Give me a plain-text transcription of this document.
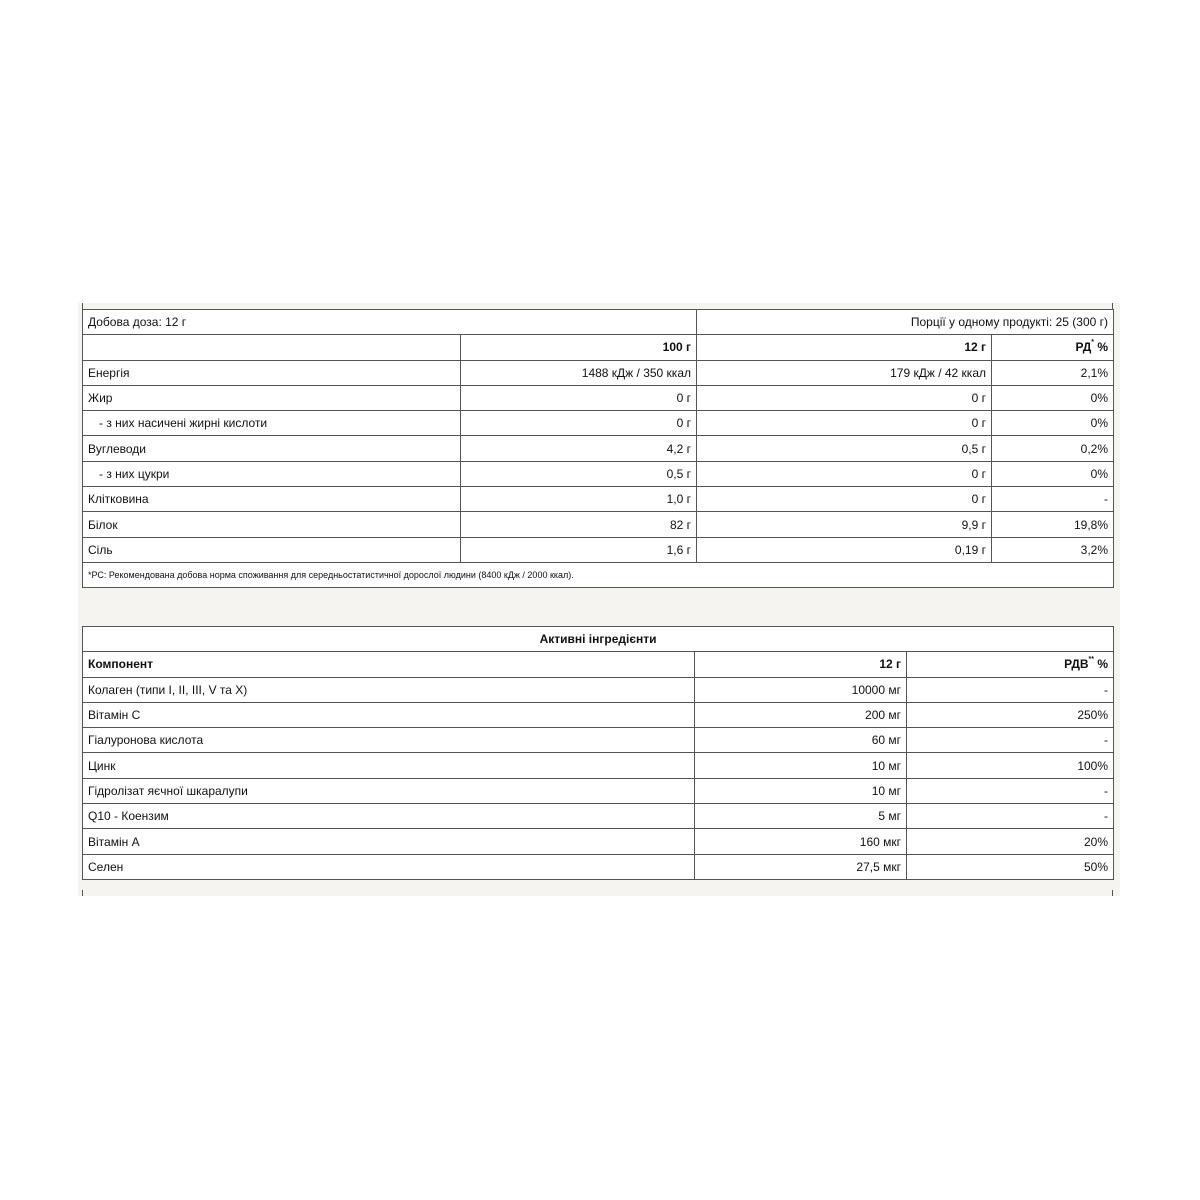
Добова доза: 12 г		Порції у одному продукті: 25 (300 г)	
	100 г	12 г	РД* %
Енергія	1488 кДж / 350 ккал	179 кДж / 42 ккал	2,1%
Жир	0 г	0 г	0%
- з них насичені жирні кислоти	0 г	0 г	0%
Вуглеводи	4,2 г	0,5 г	0,2%
- з них цукри	0,5 г	0 г	0%
Клітковина	1,0 г	0 г	-
Білок	82 г	9,9 г	19,8%
Сіль	1,6 г	0,19 г	3,2%
*РС: Рекомендована добова норма споживання для середньостатистичної дорослої людини (8400 кДж / 2000 ккал).			
Активні інгредієнти		
Компонент	12 г	РДВ** %
Колаген (типи I, II, III, V та X)	10000 мг	-
Вітамін C	200 мг	250%
Гіалуронова кислота	60 мг	-
Цинк	10 мг	100%
Гідролізат яєчної шкаралупи	10 мг	-
Q10 - Коензим	5 мг	-
Вітамін A	160 мкг	20%
Селен	27,5 мкг	50%
